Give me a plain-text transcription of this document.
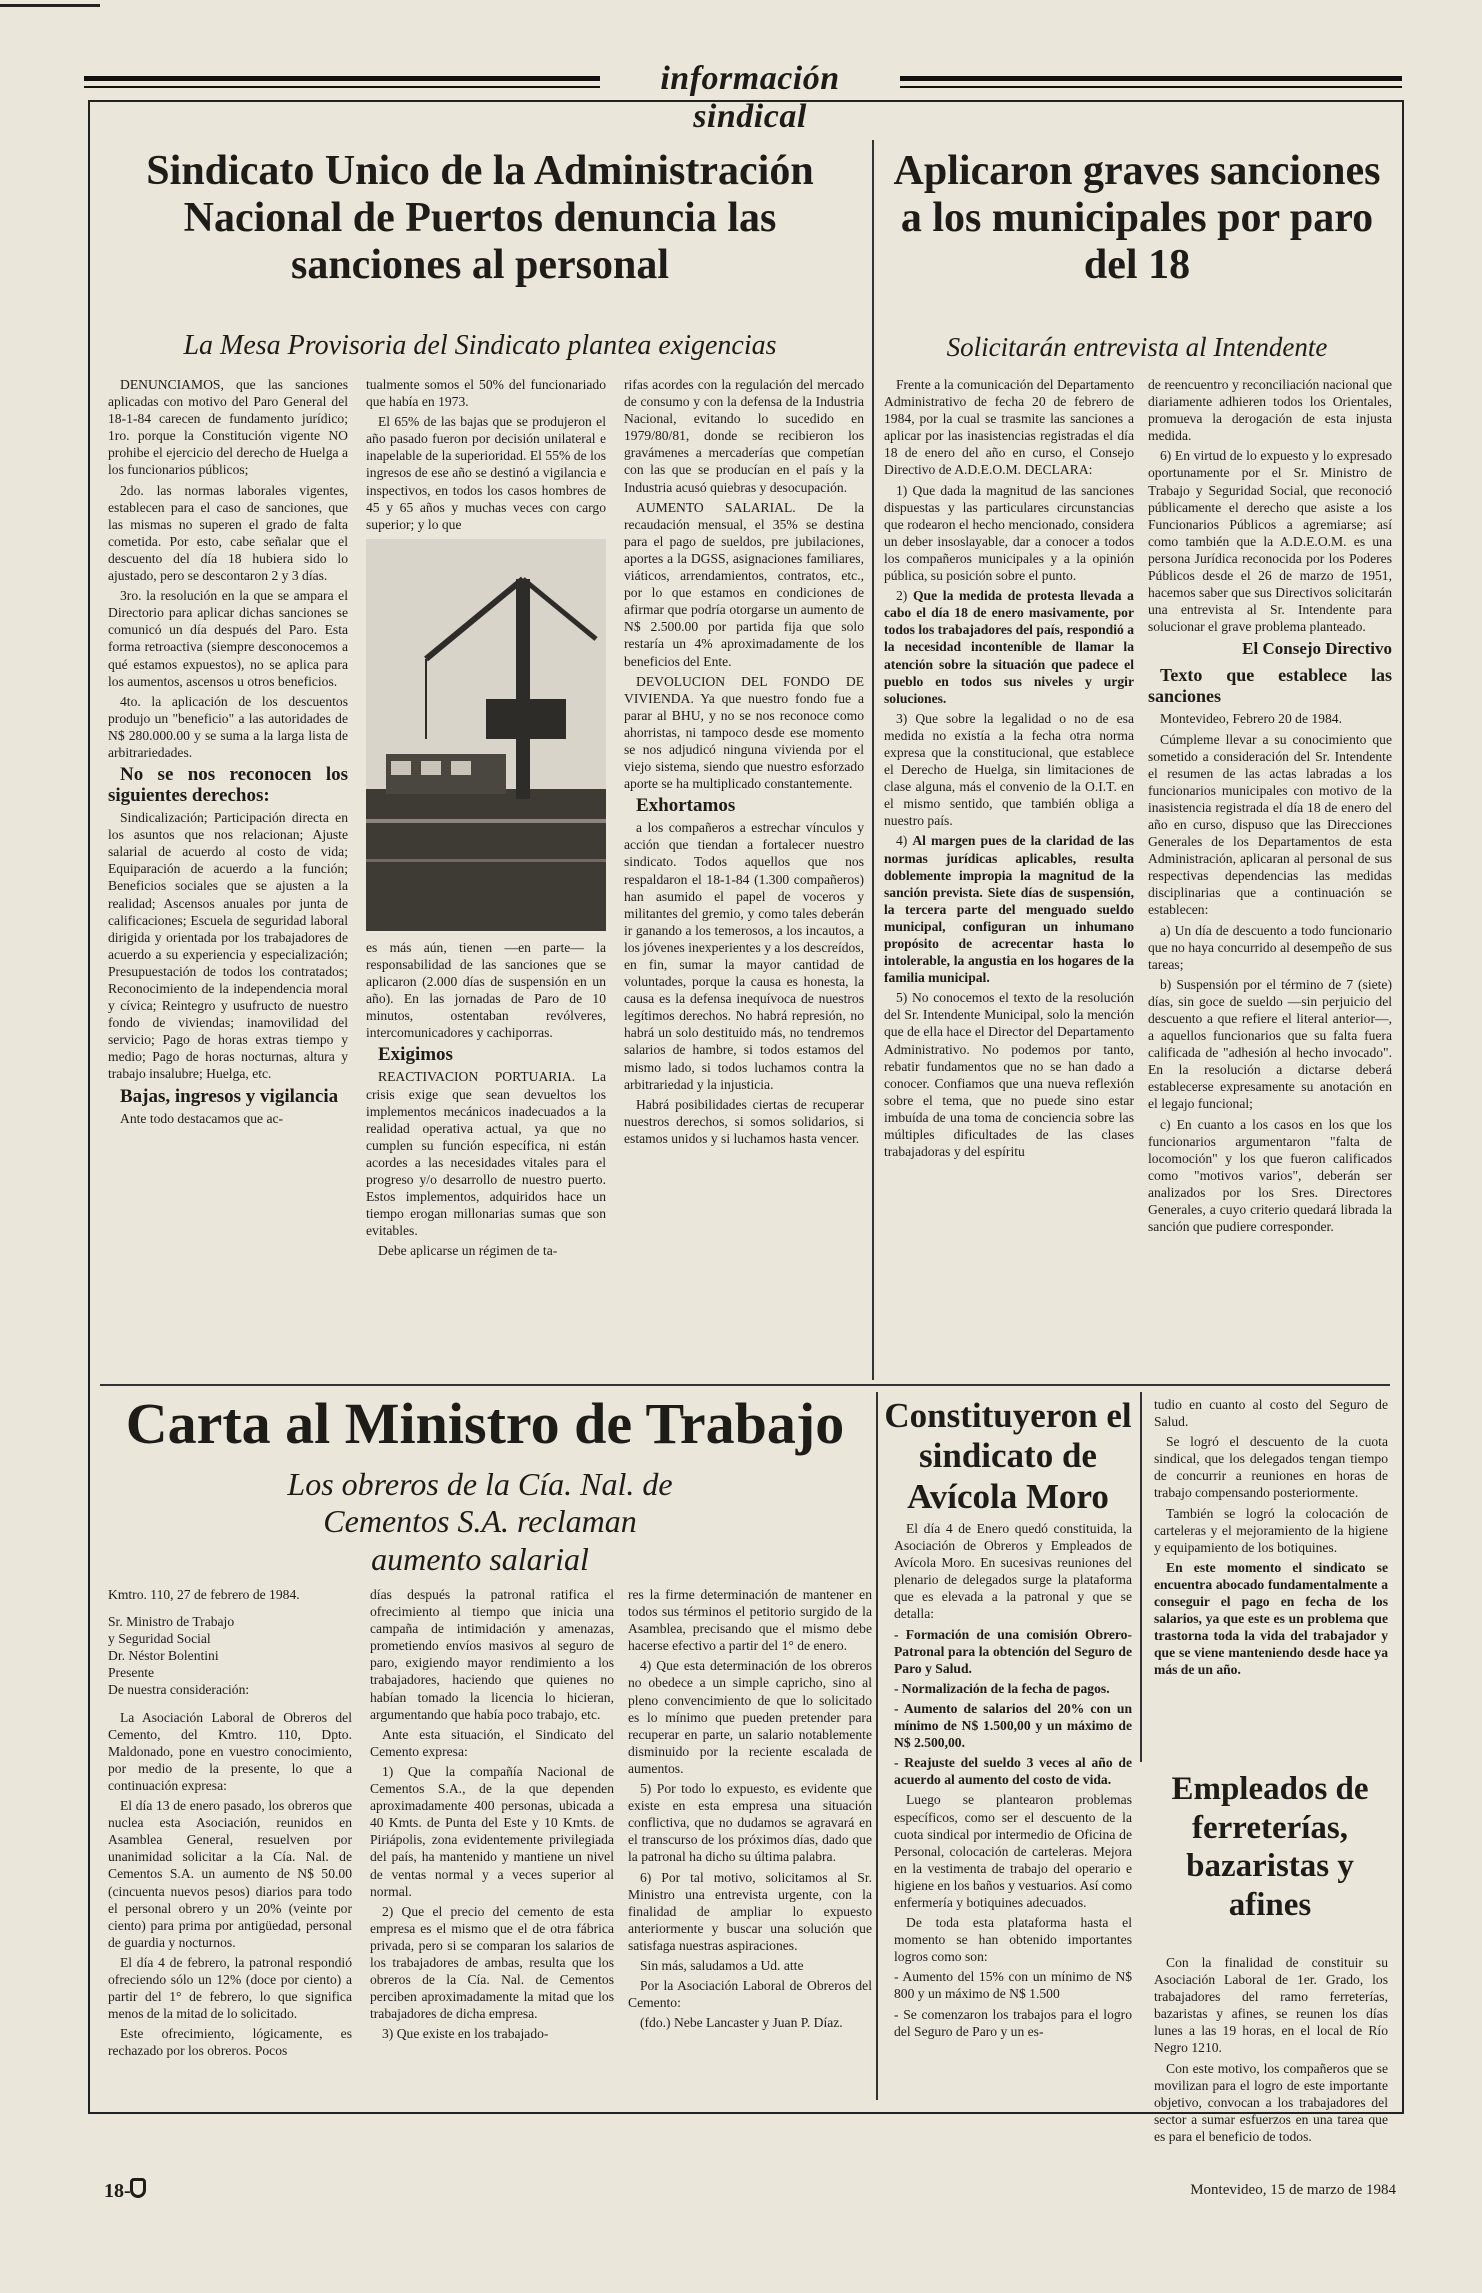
información sindical
Sindicato Unico de la Administración Nacional de Puertos denuncia las sanciones al personal
La Mesa Provisoria del Sindicato plantea exigencias

DENUNCIAMOS, que las sanciones aplicadas con motivo del Paro General del 18-1-84 carecen de fundamento jurídico; 1ro. porque la Constitución vigente NO prohibe el ejercicio del derecho de Huelga a los funcionarios públicos;

2do. las normas laborales vigentes, establecen para el caso de sanciones, que las mismas no superen el grado de falta cometida. Por esto, cabe señalar que el descuento del día 18 hubiera sido lo ajustado, pero se descontaron 2 y 3 días.

3ro. la resolución en la que se ampara el Directorio para aplicar dichas sanciones se comunicó un día después del Paro. Esta forma retroactiva (siempre desconocemos a qué estamos expuestos), no se aplica para los aumentos, ascensos u otros beneficios.

4to. la aplicación de los descuentos produjo un "beneficio" a las autoridades de N$ 280.000.00 y se suma a la larga lista de arbitrariedades.

No se nos reconocen los siguientes derechos:

Sindicalización; Participación directa en los asuntos que nos relacionan; Ajuste salarial de acuerdo al costo de vida; Equiparación de acuerdo a la función; Beneficios sociales que se ajusten a la realidad; Ascensos anuales por junta de calificaciones; Escuela de seguridad laboral dirigida y orientada por los trabajadores de acuerdo a su experiencia y especialización; Presupuestación de todos los contratados; Reconocimiento de la independencia moral y cívica; Reintegro y usufructo de nuestro fondo de viviendas; inamovilidad del servicio; Pago de horas extras tiempo y medio; Pago de horas nocturnas, altura y trabajo insalubre; Huelga, etc.

Bajas, ingresos y vigilancia

Ante todo destacamos que ac-

tualmente somos el 50% del funcionariado que había en 1973.

El 65% de las bajas que se produjeron el año pasado fueron por decisión unilateral e inapelable de la superioridad. El 55% de los ingresos de ese año se destinó a vigilancia e inspectivos, en todos los casos hombres de 45 y 65 años y muchas veces con cargo superior; y lo que

es más aún, tienen —en parte— la responsabilidad de las sanciones que se aplicaron (2.000 días de suspensión en un año). En las jornadas de Paro de 10 minutos, ostentaban revólveres, intercomunicadores y cachiporras.

Exigimos

REACTIVACION PORTUARIA. La crisis exige que sean devueltos los implementos mecánicos inadecuados a la realidad operativa actual, ya que no cumplen su función específica, ni están acordes a las necesidades vitales para el progreso y/o desarrollo de nuestro puerto. Estos implementos, adquiridos hace un tiempo erogan millonarias sumas que son evitables.

Debe aplicarse un régimen de ta-

rifas acordes con la regulación del mercado de consumo y con la defensa de la Industria Nacional, evitando lo sucedido en 1979/80/81, donde se recibieron los gravámenes a mercaderías que competían con las que se producían en el país y la Industria acusó quiebras y desocupación.

AUMENTO SALARIAL. De la recaudación mensual, el 35% se destina para el pago de sueldos, pre jubilaciones, aportes a la DGSS, asignaciones familiares, viáticos, arrendamientos, contratos, etc., por lo que estamos en condiciones de afirmar que podría otorgarse un aumento de N$ 2.500.00 por partida fija que solo restaría un 4% aproximadamente de los beneficios del Ente.

DEVOLUCION DEL FONDO DE VIVIENDA. Ya que nuestro fondo fue a parar al BHU, y no se nos reconoce como ahorristas, ni tampoco desde ese momento se nos adjudicó ninguna vivienda por el viejo sistema, siendo que nuestro esforzado aporte se ha multiplicado constantemente.

Exhortamos

a los compañeros a estrechar vínculos y acción que tiendan a fortalecer nuestro sindicato. Todos aquellos que nos respaldaron el 18-1-84 (1.300 compañeros) han asumido el papel de voceros y militantes del gremio, y como tales deberán ir ganando a los temerosos, a los incautos, a los jóvenes inexperientes y a los descreídos, en fin, sumar la mayor cantidad de voluntades, porque la causa es honesta, la causa es la defensa inequívoca de nuestros legítimos derechos. No habrá represión, no habrá un solo destituido más, no tendremos salarios de hambre, si todos estamos del mismo lado, si todos luchamos contra la arbitrariedad y la injusticia.

Habrá posibilidades ciertas de recuperar nuestros derechos, si somos solidarios, si estamos unidos y si luchamos hasta vencer.

Aplicaron graves sanciones a los municipales por paro del 18
Solicitarán entrevista al Intendente

Frente a la comunicación del Departamento Administrativo de fecha 20 de febrero de 1984, por la cual se trasmite las sanciones a aplicar por las inasistencias registradas el día 18 de enero del año en curso, el Consejo Directivo de A.D.E.O.M. DECLARA:

1) Que dada la magnitud de las sanciones dispuestas y las particulares circunstancias que rodearon el hecho mencionado, considera un deber insoslayable, dar a conocer a todos los compañeros municipales y a la opinión pública, su posición sobre el punto.

2) Que la medida de protesta llevada a cabo el día 18 de enero masivamente, por todos los trabajadores del país, respondió a la necesidad inconteníble de llamar la atención sobre la situación que padece el pueblo en todos sus niveles y urgir soluciones.

3) Que sobre la legalidad o no de esa medida no existía a la fecha otra norma expresa que la constitucional, que establece el Derecho de Huelga, sin limitaciones de clase alguna, más el convenio de la O.I.T. en el mismo sentido, que también obliga a nuestro país.

4) Al margen pues de la claridad de las normas jurídicas aplicables, resulta doblemente impropia la magnitud de la sanción prevista. Siete días de suspensión, la tercera parte del menguado sueldo municipal, configuran un inhumano propósito de acrecentar hasta lo intolerable, la angustia en los hogares de la familia municipal.

5) No conocemos el texto de la resolución del Sr. Intendente Municipal, solo la mención que de ella hace el Director del Departamento Administrativo. No podemos por tanto, rebatir fundamentos que no se han dado a conocer. Confiamos que una nueva reflexión sobre el tema, que no puede sino estar imbuída de una toma de conciencia sobre las múltiples dificultades de las clases trabajadoras y del espíritu

de reencuentro y reconciliación nacional que diariamente adhieren todos los Orientales, promueva la derogación de esta injusta medida.

6) En virtud de lo expuesto y lo expresado oportunamente por el Sr. Ministro de Trabajo y Seguridad Social, que reconoció públicamente el derecho que asiste a los Funcionarios Públicos a agremiarse; así como también que la A.D.E.O.M. es una persona Jurídica reconocida por los Poderes Públicos desde el 26 de marzo de 1951, hacemos saber que sus Directivos solicitarán una entrevista al Sr. Intendente para solucionar el grave problema planteado.

El Consejo Directivo

Texto que establece las sanciones

Montevideo, Febrero 20 de 1984.

Cúmpleme llevar a su conocimiento que sometido a consideración del Sr. Intendente el resumen de las actas labradas a los funcionarios municipales con motivo de la inasistencia registrada el día 18 de enero del año en curso, dispuso que las Direcciones Generales de los Departamentos de esta Administración, aplicaran al personal de sus respectivas dependencias las medidas disciplinarias que a continuación se establecen:

a) Un día de descuento a todo funcionario que no haya concurrido al desempeño de sus tareas;

b) Suspensión por el término de 7 (siete) días, sin goce de sueldo —sin perjuicio del descuento a que refiere el literal anterior—, a aquellos funcionarios que su falta fuera calificada de "adhesión al hecho invocado". En la resolución a dictarse deberá establecerse expresamente su anotación en el legajo funcional;

c) En cuanto a los casos en los que los funcionarios argumentaron "falta de locomoción" y los que fueron calificados como "motivos varios", deberán ser analizados por los Sres. Directores Generales, a cuyo criterio quedará librada la sanción que pudiere corresponder.

Carta al Ministro de Trabajo
Los obreros de la Cía. Nal. de Cementos S.A. reclaman aumento salarial

Kmtro. 110, 27 de febrero de 1984.

Sr. Ministro de Trabajo

y Seguridad Social

Dr. Néstor Bolentini

Presente

De nuestra consideración:

La Asociación Laboral de Obreros del Cemento, del Kmtro. 110, Dpto. Maldonado, pone en vuestro conocimiento, por medio de la presente, lo que a continuación expresa:

El día 13 de enero pasado, los obreros que nuclea esta Asociación, reunidos en Asamblea General, resuelven por unanimidad solicitar a la Cía. Nal. de Cementos S.A. un aumento de N$ 50.00 (cincuenta nuevos pesos) diarios para todo el personal obrero y un 20% (veinte por ciento) para prima por antigüedad, personal de guardia y nocturnos.

El día 4 de febrero, la patronal respondió ofreciendo sólo un 12% (doce por ciento) a partir del 1° de febrero, lo que significa menos de la mitad de lo solicitado.

Este ofrecimiento, lógicamente, es rechazado por los obreros. Pocos

días después la patronal ratifica el ofrecimiento al tiempo que inicia una campaña de intimidación y amenazas, prometiendo envíos masivos al seguro de paro, exigiendo mayor rendimiento a los trabajadores, haciendo que quienes no habían tomado la licencia lo hicieran, argumentando que había poco trabajo, etc.

Ante esta situación, el Sindicato del Cemento expresa:

1) Que la compañía Nacional de Cementos S.A., de la que dependen aproximadamente 400 personas, ubicada a 40 Kmts. de Punta del Este y 10 Kmts. de Piriápolis, zona evidentemente privilegiada del país, ha mantenido y mantiene un nivel de ventas normal y a veces superior al normal.

2) Que el precio del cemento de esta empresa es el mismo que el de otra fábrica privada, pero si se comparan los salarios de los trabajadores de ambas, resulta que los obreros de la Cía. Nal. de Cementos perciben aproximadamente la mitad que los trabajadores de dicha empresa.

3) Que existe en los trabajado-

res la firme determinación de mantener en todos sus términos el petitorio surgido de la Asamblea, precisando que el mismo debe hacerse efectivo a partir del 1° de enero.

4) Que esta determinación de los obreros no obedece a un simple capricho, sino al pleno convencimiento de que lo solicitado es lo mínimo que pueden pretender para recuperar en parte, un salario notablemente disminuido por la reciente escalada de aumentos.

5) Por todo lo expuesto, es evidente que existe en esta empresa una situación conflictiva, que no dudamos se agravará en el transcurso de los próximos días, dado que la patronal ha dicho su última palabra.

6) Por tal motivo, solicitamos al Sr. Ministro una entrevista urgente, con la finalidad de ampliar lo expuesto anteriormente y buscar una solución que satisfaga nuestras aspiraciones.

Sin más, saludamos a Ud. atte

Por la Asociación Laboral de Obreros del Cemento:

(fdo.) Nebe Lancaster y Juan P. Díaz.

Constituyeron el sindicato de Avícola Moro

El día 4 de Enero quedó constituida, la Asociación de Obreros y Empleados de Avícola Moro. En sucesivas reuniones del plenario de delegados surge la plataforma que es elevada a la patronal y que se detalla:

- Formación de una comisión Obrero-Patronal para la obtención del Seguro de Paro y Salud.

- Normalización de la fecha de pagos.

- Aumento de salarios del 20% con un mínimo de N$ 1.500,00 y un máximo de N$ 2.500,00.

- Reajuste del sueldo 3 veces al año de acuerdo al aumento del costo de vida.

Luego se plantearon problemas específicos, como ser el descuento de la cuota sindical por intermedio de Oficina de Personal, colocación de carteleras. Mejora en la vestimenta de trabajo del operario e higiene en los baños y vestuarios. Así como enfermería y botiquines adecuados.

De toda esta plataforma hasta el momento se han obtenido importantes logros como son:

- Aumento del 15% con un mínimo de N$ 800 y un máximo de N$ 1.500

- Se comenzaron los trabajos para el logro del Seguro de Paro y un es-

tudio en cuanto al costo del Seguro de Salud.

Se logró el descuento de la cuota sindical, que los delegados tengan tiempo de concurrir a reuniones en horas de trabajo compensando posteriormente.

También se logró la colocación de carteleras y el mejoramiento de la higiene y equipamiento de los botiquines.

En este momento el sindicato se encuentra abocado fundamentalmente a conseguir el pago en fecha de los salarios, ya que este es un problema que trastorna toda la vida del trabajador y que se viene manteniendo desde hace ya más de un año.

Empleados de ferreterías, bazaristas y afines

Con la finalidad de constituir su Asociación Laboral de 1er. Grado, los trabajadores del ramo ferreterías, bazaristas y afines, se reunen los días lunes a las 19 horas, en el local de Río Negro 1210.

Con este motivo, los compañeros que se movilizan para el logro de este importante objetivo, convocan a los trabajadores del sector a sumar esfuerzos en una tarea que es para el beneficio de todos.

18-	Montevideo, 15 de marzo de 1984
